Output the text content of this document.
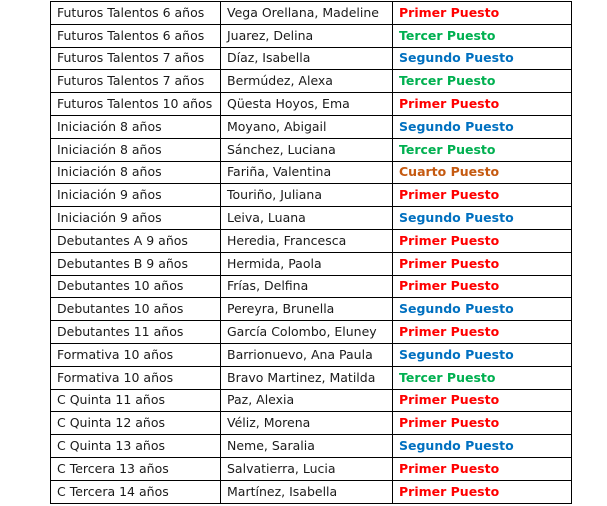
Futuros Talentos 6 años	Vega Orellana, Madeline	Primer Puesto
Futuros Talentos 6 años	Juarez, Delina	Tercer Puesto
Futuros Talentos 7 años	Díaz, Isabella	Segundo Puesto
Futuros Talentos 7 años	Bermúdez, Alexa	Tercer Puesto
Futuros Talentos 10 años	Qüesta Hoyos, Ema	Primer Puesto
Iniciación 8 años	Moyano, Abigail	Segundo Puesto
Iniciación 8 años	Sánchez, Luciana	Tercer Puesto
Iniciación 8 años	Fariña, Valentina	Cuarto Puesto
Iniciación 9 años	Touriño, Juliana	Primer Puesto
Iniciación 9 años	Leiva, Luana	Segundo Puesto
Debutantes A 9 años	Heredia, Francesca	Primer Puesto
Debutantes B 9 años	Hermida, Paola	Primer Puesto
Debutantes 10 años	Frías, Delfina	Primer Puesto
Debutantes 10 años	Pereyra, Brunella	Segundo Puesto
Debutantes 11 años	García Colombo, Eluney	Primer Puesto
Formativa 10 años	Barrionuevo, Ana Paula	Segundo Puesto
Formativa 10 años	Bravo Martinez, Matilda	Tercer Puesto
C Quinta 11 años	Paz, Alexia	Primer Puesto
C Quinta 12 años	Véliz, Morena	Primer Puesto
C Quinta 13 años	Neme, Saralia	Segundo Puesto
C Tercera 13 años	Salvatierra, Lucia	Primer Puesto
C Tercera 14 años	Martínez, Isabella	Primer Puesto
